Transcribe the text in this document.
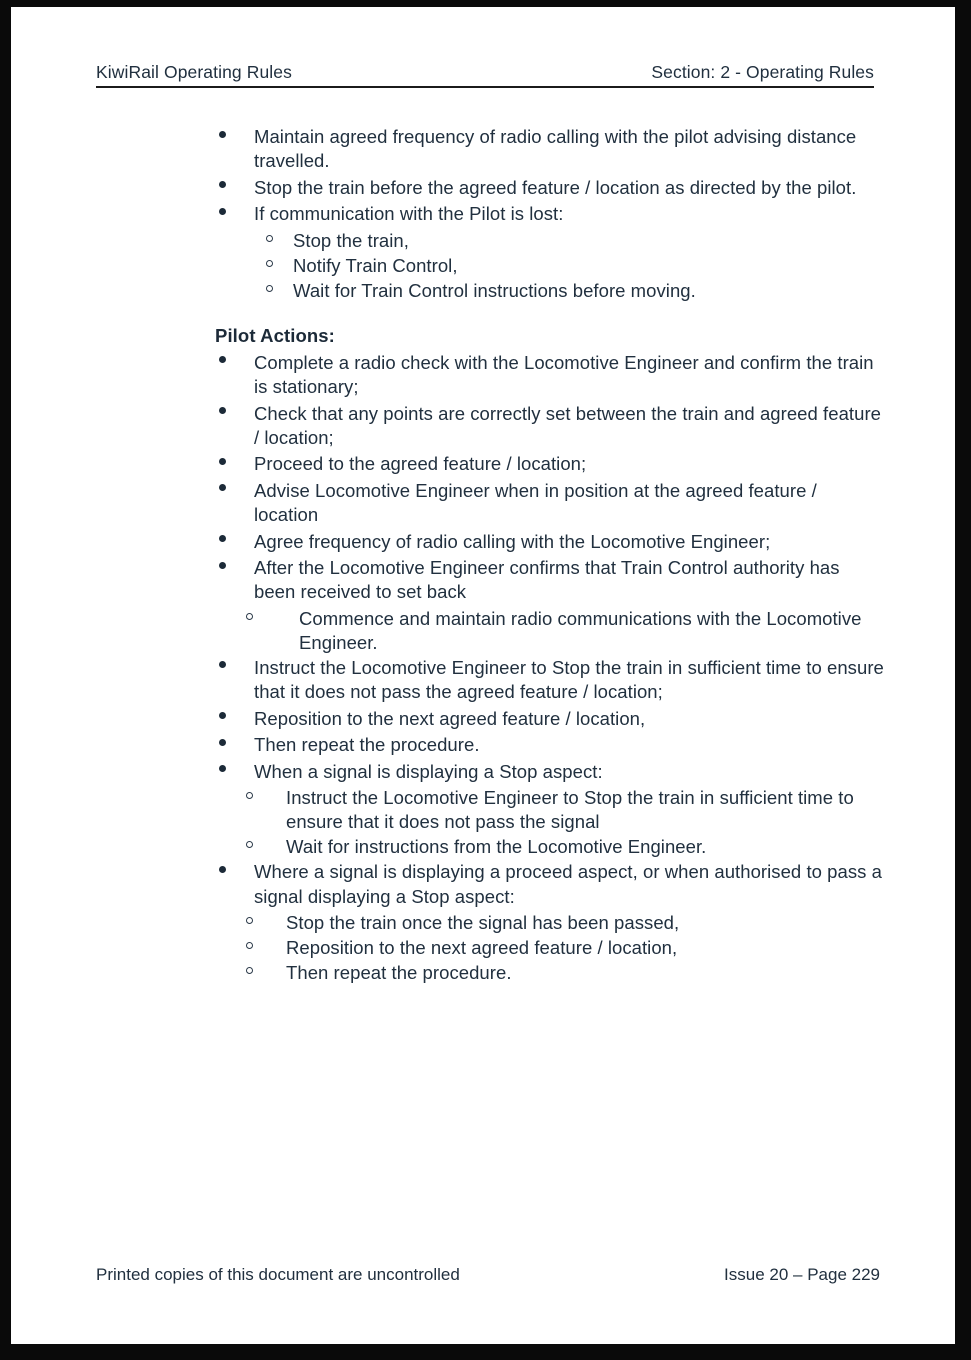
KiwiRail Operating Rules	Section: 2 - Operating Rules
Maintain agreed frequency of radio calling with the pilot advising distance travelled.
Stop the train before the agreed feature / location as directed by the pilot.
If communication with the Pilot is lost:
Stop the train,
Notify Train Control,
Wait for Train Control instructions before moving.
Pilot Actions:
Complete a radio check with the Locomotive Engineer and confirm the train is stationary;
Check that any points are correctly set between the train and agreed feature / location;
Proceed to the agreed feature / location;
Advise Locomotive Engineer when in position at the agreed feature / location
Agree frequency of radio calling with the Locomotive Engineer;
After the Locomotive Engineer confirms that Train Control authority has been received to set back
Commence and maintain radio communications with the Locomotive Engineer.
Instruct the Locomotive Engineer to Stop the train in sufficient time to ensure that it does not pass the agreed feature / location;
Reposition to the next agreed feature / location,
Then repeat the procedure.
When a signal is displaying a Stop aspect:
Instruct the Locomotive Engineer to Stop the train in sufficient time to ensure that it does not pass the signal
Wait for instructions from the Locomotive Engineer.
Where a signal is displaying a proceed aspect, or when authorised to pass a signal displaying a Stop aspect:
Stop the train once the signal has been passed,
Reposition to the next agreed feature / location,
Then repeat the procedure.
Printed copies of this document are uncontrolled	Issue 20 – Page 229
